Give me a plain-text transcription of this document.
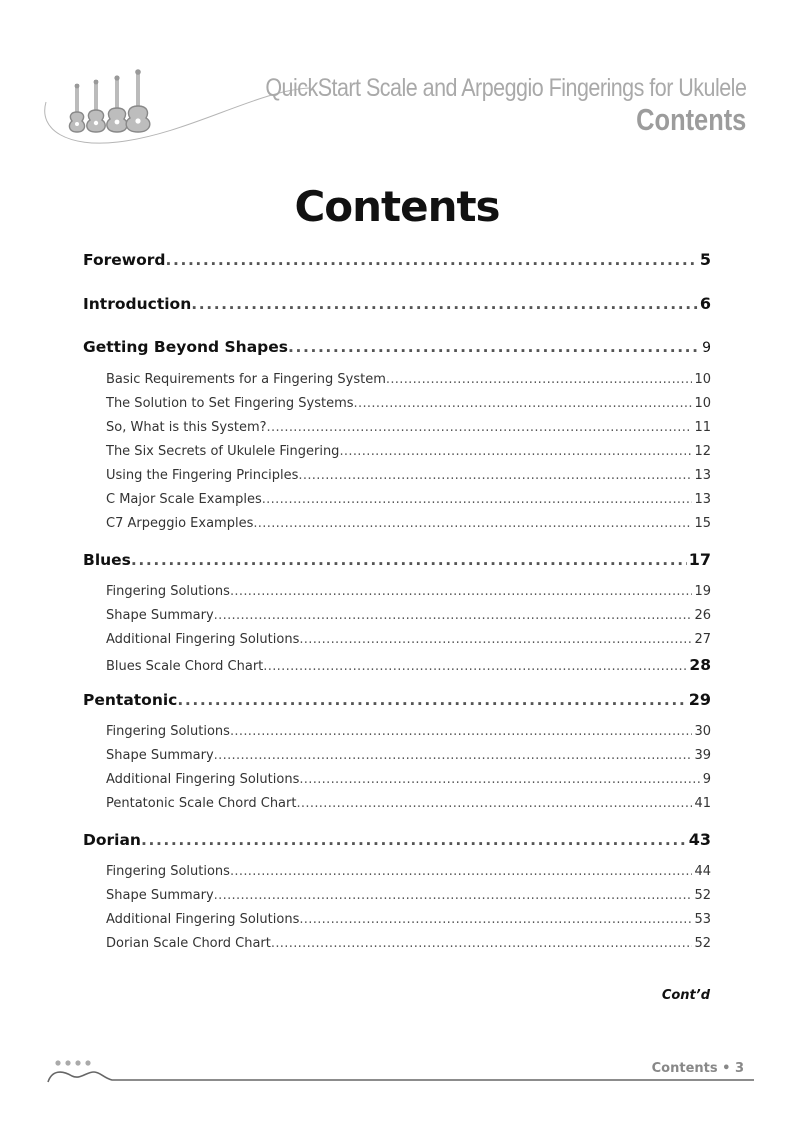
QuickStart Scale and Arpeggio Fingerings for Ukulele
Contents
Contents
Foreword . . .	5
Introduction . . .	6
Getting Beyond Shapes . . .	9
Basic Requirements for a Fingering System . . .	10
The Solution to Set Fingering Systems . . .	10
So, What is this System? . . .	11
The Six Secrets of Ukulele Fingering . . .	12
Using the Fingering Principles . . .	13
C Major Scale Examples . . .	13
C7 Arpeggio Examples . . .	15
Blues . . .	17
Fingering Solutions . . .	19
Shape Summary . . .	26
Additional Fingering Solutions . . .	27
Blues Scale Chord Chart . . .	28
Pentatonic . . .	29
Fingering Solutions . . .	30
Shape Summary . . .	39
Additional Fingering Solutions . . .	9
Pentatonic Scale Chord Chart . . .	41
Dorian . . .	43
Fingering Solutions . . .	44
Shape Summary . . .	52
Additional Fingering Solutions . . .	53
Dorian Scale Chord Chart . . .	52
Cont’d
Contents • 3
